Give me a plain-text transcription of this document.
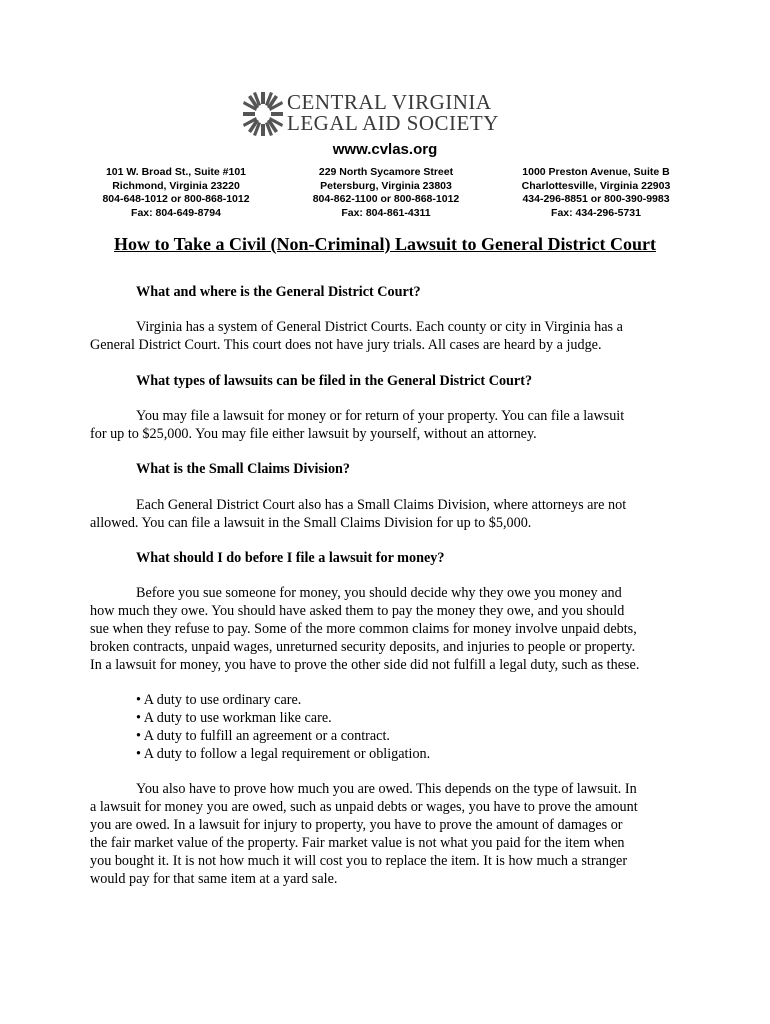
CENTRAL VIRGINIA
LEGAL AID SOCIETY
www.cvlas.org
101 W. Broad St., Suite #101
Richmond, Virginia 23220
804-648-1012 or 800-868-1012
Fax: 804-649-8794
229 North Sycamore Street
Petersburg, Virginia 23803
804-862-1100 or 800-868-1012
Fax: 804-861-4311
1000 Preston Avenue, Suite B
Charlottesville, Virginia 22903
434-296-8851 or 800-390-9983
Fax: 434-296-5731
How to Take a Civil (Non-Criminal) Lawsuit to General District Court
What and where is the General District Court?
Virginia has a system of General District Courts. Each county or city in Virginia has a
General District Court. This court does not have jury trials. All cases are heard by a judge.
What types of lawsuits can be filed in the General District Court?
You may file a lawsuit for money or for return of your property. You can file a lawsuit
for up to $25,000. You may file either lawsuit by yourself, without an attorney.
What is the Small Claims Division?
Each General District Court also has a Small Claims Division, where attorneys are not
allowed. You can file a lawsuit in the Small Claims Division for up to $5,000.
What should I do before I file a lawsuit for money?
Before you sue someone for money, you should decide why they owe you money and
how much they owe. You should have asked them to pay the money they owe, and you should
sue when they refuse to pay. Some of the more common claims for money involve unpaid debts,
broken contracts, unpaid wages, unreturned security deposits, and injuries to people or property.
In a lawsuit for money, you have to prove the other side did not fulfill a legal duty, such as these.
• A duty to use ordinary care.
• A duty to use workman like care.
• A duty to fulfill an agreement or a contract.
• A duty to follow a legal requirement or obligation.
You also have to prove how much you are owed. This depends on the type of lawsuit. In
a lawsuit for money you are owed, such as unpaid debts or wages, you have to prove the amount
you are owed. In a lawsuit for injury to property, you have to prove the amount of damages or
the fair market value of the property. Fair market value is not what you paid for the item when
you bought it. It is not how much it will cost you to replace the item. It is how much a stranger
would pay for that same item at a yard sale.
